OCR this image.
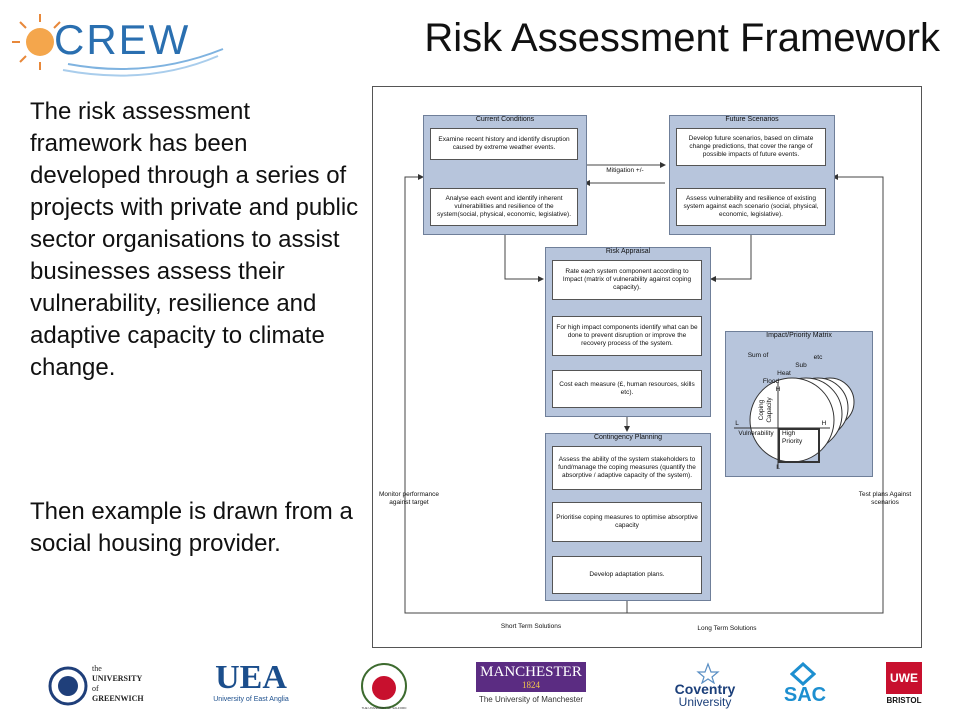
CREW	Risk Assessment Framework
The risk assessment framework has been developed through a series of projects with private and public sector organisations to assist businesses assess their vulnerability, resilience and adaptive capacity to climate change.
Then example is drawn from a social housing provider.
Current Conditions
Examine recent history and identify disruption caused by extreme weather events.
Analyse each event and identify inherent vulnerabilities and resilience of the system(social, physical, economic, legislative).
Future Scenarios
Develop future scenarios, based on climate change predictions, that cover the range of possible impacts of future events.
Assess vulnerability and resilience of existing system against each scenario (social, physical, economic, legislative).
Mitigation +/-
Risk Appraisal
Rate each system component according to Impact (matrix of vulnerability against coping capacity).
For high impact components identify what can be done to prevent disruption or improve the recovery process of the system.
Cost each measure (£, human resources, skills etc).
Contingency Planning
Assess the ability of the system stakeholders to fund/manage the coping measures (quantify the absorptive / adaptive capacity of the system).
Prioritise coping measures to optimise absorptive capacity
Develop adaptation plans.
Impact/Priority Matrix
Sum of	etc
Sub
Heat
Flood
H
Coping Capacity
L
Vulnerability
H
High Priority
L
Monitor performance against target
Test plans Against scenarios
Short Term Solutions	Long Term Solutions
the
UNIVERSITY
of
GREENWICH
UEA
University of East Anglia
THE UNIVERSITY OF SALFORD
MANCHESTER
1824
The University of Manchester
Coventry
University	SAC
UWE
BRISTOL
